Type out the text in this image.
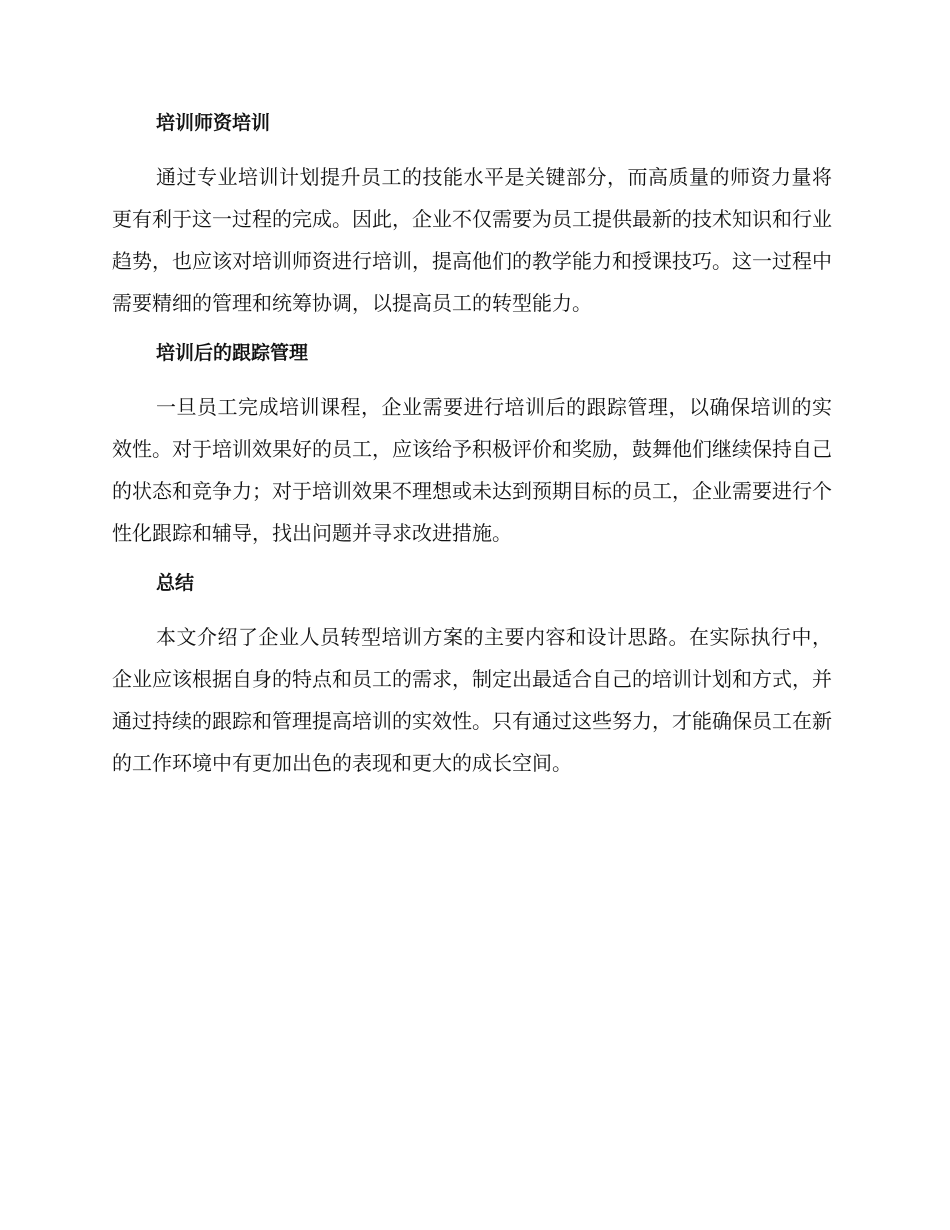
培训师资培训

通过专业培训计划提升员工的技能水平是关键部分，而高质量的师资力量将更有利于这一过程的完成。因此，企业不仅需要为员工提供最新的技术知识和行业趋势，也应该对培训师资进行培训，提高他们的教学能力和授课技巧。这一过程中需要精细的管理和统筹协调，以提高员工的转型能力。

培训后的跟踪管理

一旦员工完成培训课程，企业需要进行培训后的跟踪管理，以确保培训的实效性。对于培训效果好的员工，应该给予积极评价和奖励，鼓舞他们继续保持自己的状态和竞争力；对于培训效果不理想或未达到预期目标的员工，企业需要进行个性化跟踪和辅导，找出问题并寻求改进措施。

总结

本文介绍了企业人员转型培训方案的主要内容和设计思路。在实际执行中，企业应该根据自身的特点和员工的需求，制定出最适合自己的培训计划和方式，并通过持续的跟踪和管理提高培训的实效性。只有通过这些努力，才能确保员工在新的工作环境中有更加出色的表现和更大的成长空间。
